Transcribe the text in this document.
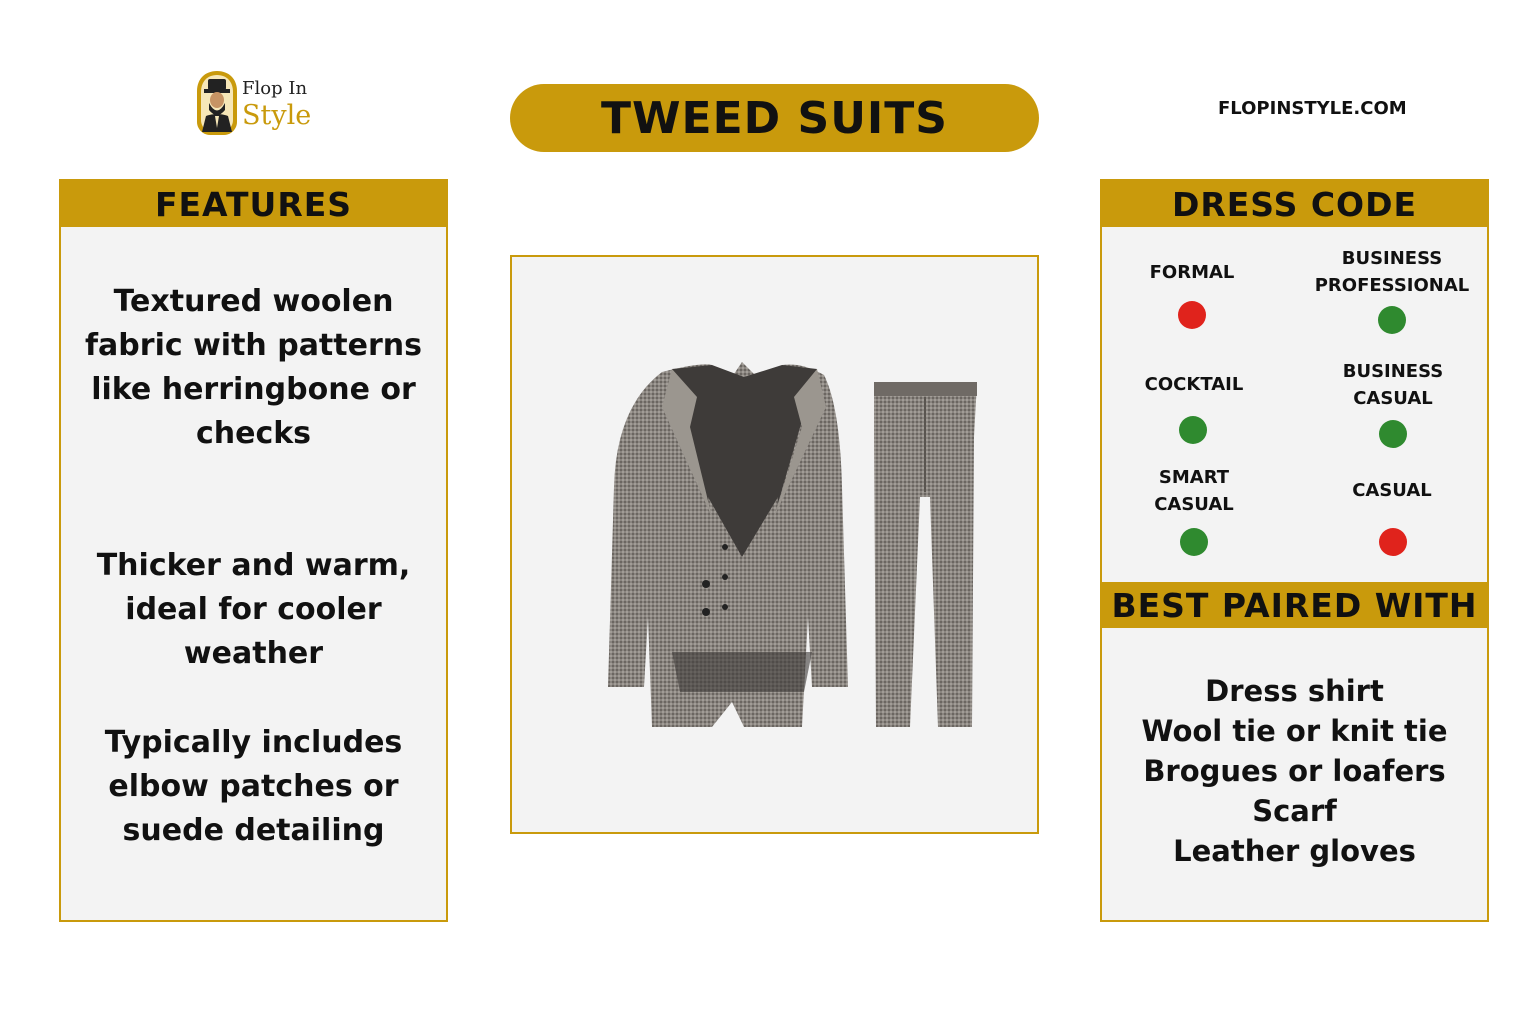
Flop In
Style	TWEED SUITS	FLOPINSTYLE.COM
FEATURES
Textured woolen fabric with patterns like herringbone or checks
Thicker and warm, ideal for cooler weather
Typically includes elbow patches or suede detailing
DRESS CODE
FORMAL
BUSINESS PROFESSIONAL
COCKTAIL
BUSINESS CASUAL
SMART CASUAL
CASUAL
BEST PAIRED WITH
Dress shirt
Wool tie or knit tie
Brogues or loafers
Scarf
Leather gloves
